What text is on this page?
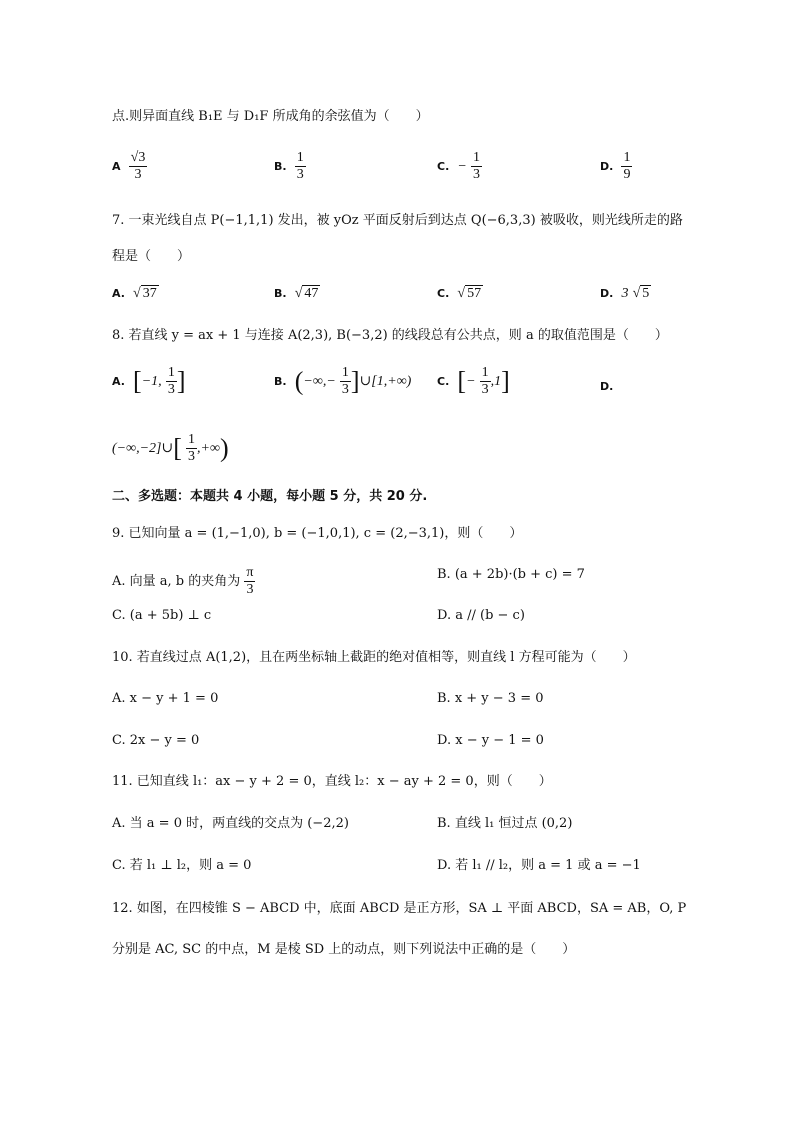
点.则异面直线 B₁E 与 D₁F 所成角的余弦值为（　　）
A $\frac{√3}{3}$	B. $\frac{1}{3}$	C. − $\frac{1}{3}$	D. $\frac{1}{9}$
7. 一束光线自点 P(−1,1,1) 发出，被 yOz 平面反射后到达点 Q(−6,3,3) 被吸收，则光线所走的路
程是（　　）
A. √ 37	B. √ 47	C. √ 57	D. 3 √ 5
8. 若直线 y = ax + 1 与连接 A(2,3), B(−3,2) 的线段总有公共点，则 a 的取值范围是（　　）
A. [−1, $\frac{1}{3}$ ]	B. (−∞,− $\frac{1}{3}$ ]∪[1,+∞) C. [− $\frac{1}{3} ,1$]	D.
(−∞,−2]∪[ $\frac{1}{3}$ ,+∞)
二、多选题：本题共 4 小题，每小题 5 分，共 20 分.
9. 已知向量 a = (1,−1,0), b = (−1,0,1), c = (2,−3,1)，则（　　）
A. 向量 a, b 的夹角为 $\frac{\pi}{3}$	B. (a + 2b)·(b + c) = 7
C. (a + 5b) ⊥ c	D. a // (b − c)
10. 若直线过点 A(1,2)，且在两坐标轴上截距的绝对值相等，则直线 l 方程可能为（　　）
A. x − y + 1 = 0	B. x + y − 3 = 0
C. 2x − y = 0	D. x − y − 1 = 0
11. 已知直线 l₁：ax − y + 2 = 0，直线 l₂：x − ay + 2 = 0，则（　　）
A. 当 a = 0 时，两直线的交点为 (−2,2)	B. 直线 l₁ 恒过点 (0,2)
C. 若 l₁ ⊥ l₂，则 a = 0	D. 若 l₁ // l₂，则 a = 1 或 a = −1
12. 如图，在四棱锥 S − ABCD 中，底面 ABCD 是正方形，SA ⊥ 平面 ABCD，SA = AB，O, P
分别是 AC, SC 的中点，M 是棱 SD 上的动点，则下列说法中正确的是（　　）
